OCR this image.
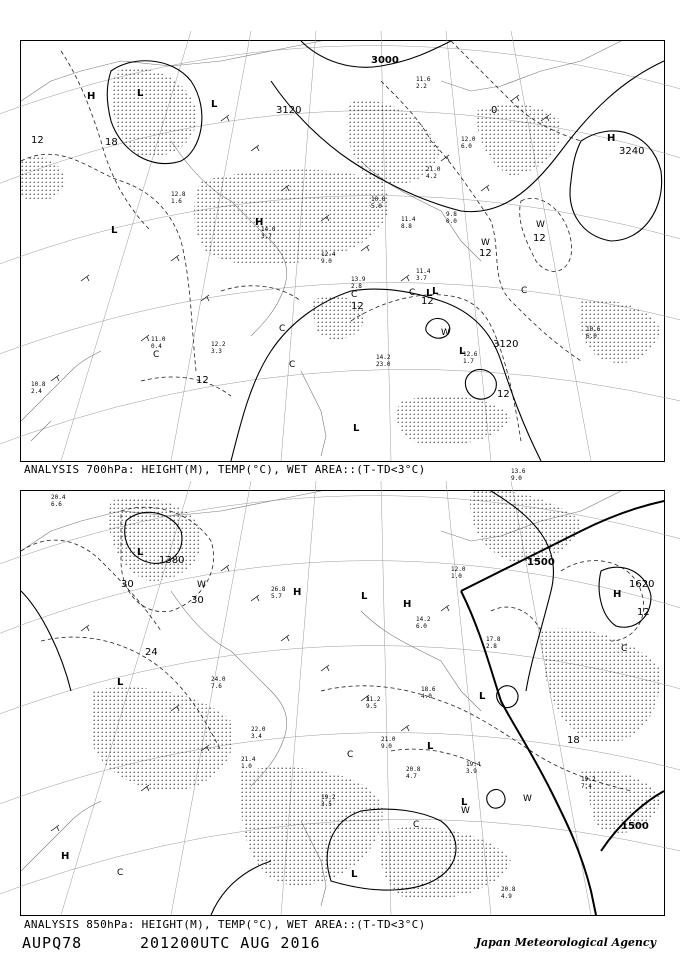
11.6
2.2
14.0
3.7
12.4
9.0
13.9
2.8
21.0
4.2
12.0
6.0
10.8
5.0
11.4
8.8
13.6
9.0
14.2
23.0
12.6
1.7
10.6
6.0
9.8
0.0
11.4
3.7
12.2
3.3
11.0
0.4
10.8
2.4
12.8
1.6
3000
3120
3120
3240
12	18
0
12
12
12
12
12
12
H
H
H
L
L
L
L L
L
L
W
W
W
C	C
C
C
C
C
ANALYSIS 700hPa: HEIGHT(M), TEMP(°C), WET AREA::(T-TD<3°C)
20.4
6.6
26.8
5.7
22.0
3.4
21.2
9.5
18.6
4.0
19.2
3.5
20.8
4.7
17.8
2.8
19.2
7.4
20.8
4.9
14.2
6.0
12.0
1.0
21.0
9.0
19.4
3.9
24.0
7.6
21.4
1.0
1380	1500
1500
1620
30
30
24
18
12
H
H	H
H
L
L
L
L
L
L
L
W
W
W
C
C
C
C
ANALYSIS 850hPa: HEIGHT(M), TEMP(°C), WET AREA::(T-TD<3°C)
AUPQ78	201200UTC AUG 2016	Japan Meteorological Agency
